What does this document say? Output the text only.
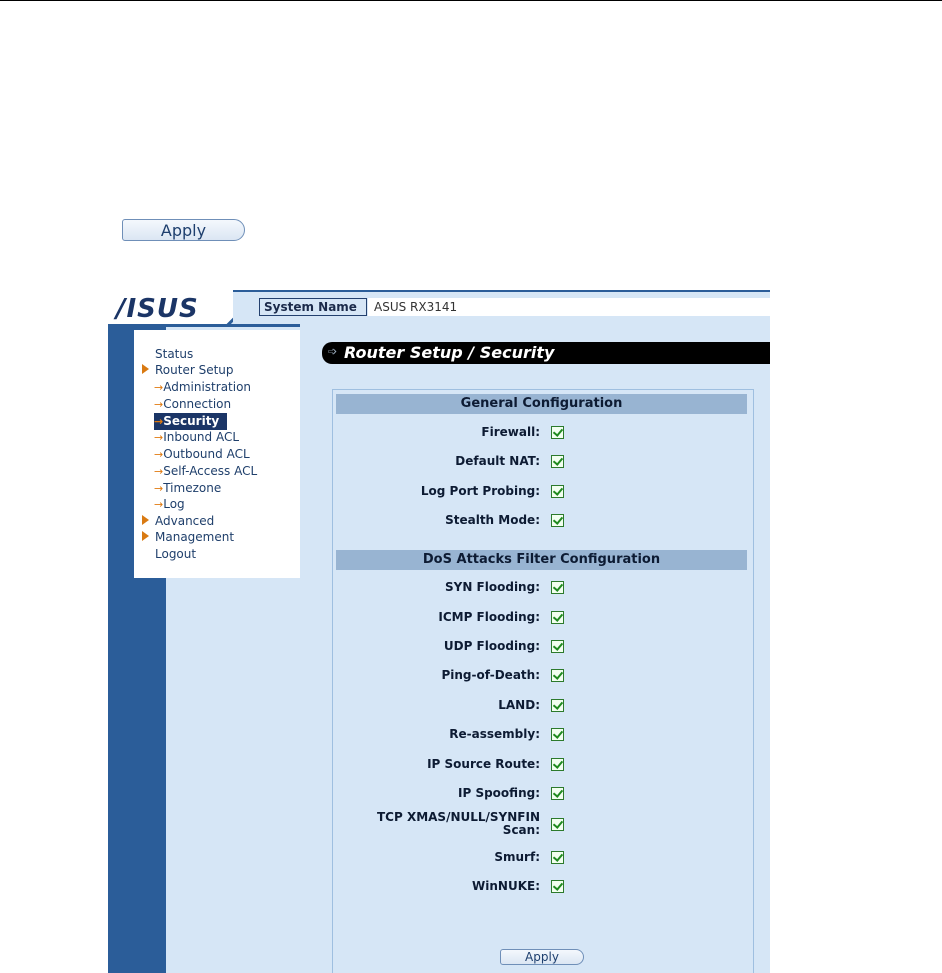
Apply
/ISUS	System Name	ASUS RX3141
Status
Router Setup
→Administration
→Connection
→Security
→Inbound ACL
→Outbound ACL
→Self-Access ACL
→Timezone
→Log
Advanced
Management
Logout
➩ Router Setup / Security
General Configuration
Firewall:
Default NAT:
Log Port Probing:
Stealth Mode:
DoS Attacks Filter Configuration
SYN Flooding:
ICMP Flooding:
UDP Flooding:
Ping-of-Death:
LAND:
Re-assembly:
IP Source Route:
IP Spoofing:
TCP XMAS/NULL/SYNFIN
Scan:
Smurf:
WinNUKE:
Apply
